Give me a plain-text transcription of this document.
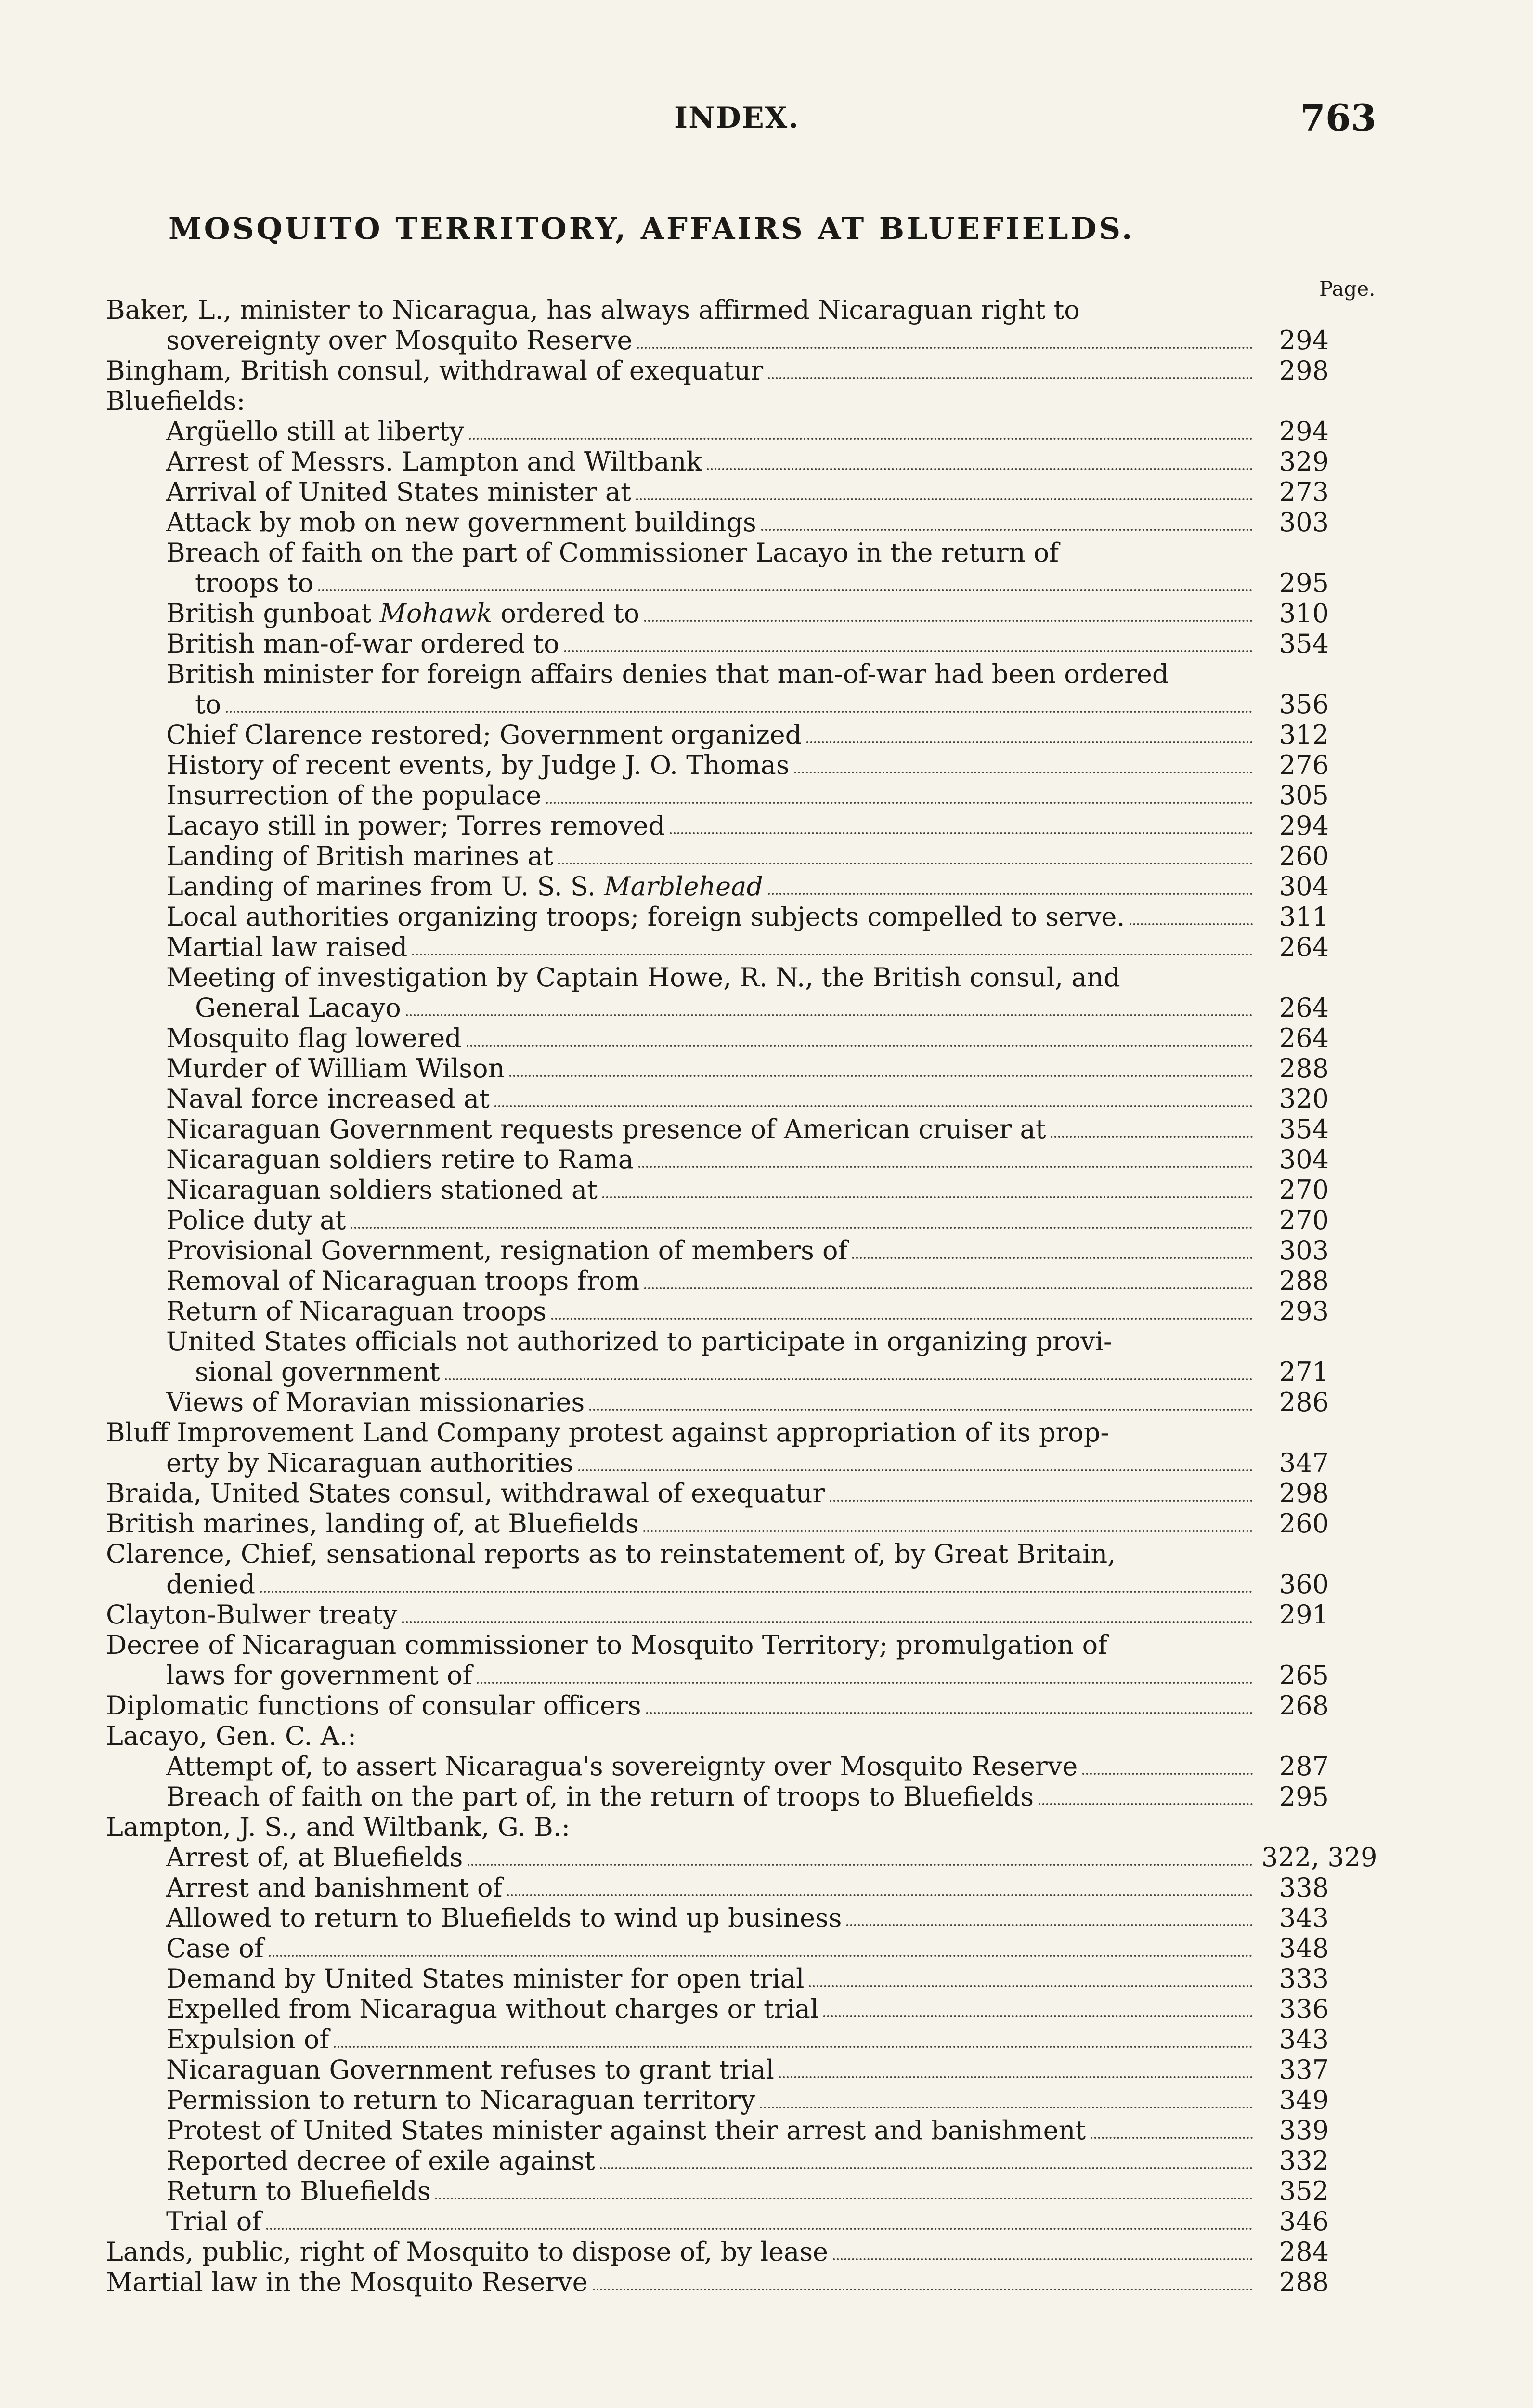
INDEX.	763
MOSQUITO TERRITORY, AFFAIRS AT BLUEFIELDS.
Page.
Baker, L., minister to Nicaragua, has always affirmed Nicaraguan right to
sovereignty over Mosquito Reserve	294
Bingham, British consul, withdrawal of exequatur	298
Bluefields:
Argüello still at liberty	294
Arrest of Messrs. Lampton and Wiltbank	329
Arrival of United States minister at	273
Attack by mob on new government buildings	303
Breach of faith on the part of Commissioner Lacayo in the return of
troops to	295
British gunboat Mohawk ordered to	310
British man-of-war ordered to	354
British minister for foreign affairs denies that man-of-war had been ordered
to	356
Chief Clarence restored; Government organized	312
History of recent events, by Judge J. O. Thomas	276
Insurrection of the populace	305
Lacayo still in power; Torres removed	294
Landing of British marines at	260
Landing of marines from U. S. S. Marblehead	304
Local authorities organizing troops; foreign subjects compelled to serve.	311
Martial law raised	264
Meeting of investigation by Captain Howe, R. N., the British consul, and
General Lacayo	264
Mosquito flag lowered	264
Murder of William Wilson	288
Naval force increased at	320
Nicaraguan Government requests presence of American cruiser at	354
Nicaraguan soldiers retire to Rama	304
Nicaraguan soldiers stationed at	270
Police duty at	270
Provisional Government, resignation of members of	303
Removal of Nicaraguan troops from	288
Return of Nicaraguan troops	293
United States officials not authorized to participate in organizing provi-
sional government	271
Views of Moravian missionaries	286
Bluff Improvement Land Company protest against appropriation of its prop-
erty by Nicaraguan authorities	347
Braida, United States consul, withdrawal of exequatur	298
British marines, landing of, at Bluefields	260
Clarence, Chief, sensational reports as to reinstatement of, by Great Britain,
denied	360
Clayton-Bulwer treaty	291
Decree of Nicaraguan commissioner to Mosquito Territory; promulgation of
laws for government of	265
Diplomatic functions of consular officers	268
Lacayo, Gen. C. A.:
Attempt of, to assert Nicaragua's sovereignty over Mosquito Reserve	287
Breach of faith on the part of, in the return of troops to Bluefields	295
Lampton, J. S., and Wiltbank, G. B.:
Arrest of, at Bluefields	322, 329
Arrest and banishment of	338
Allowed to return to Bluefields to wind up business	343
Case of	348
Demand by United States minister for open trial	333
Expelled from Nicaragua without charges or trial	336
Expulsion of	343
Nicaraguan Government refuses to grant trial	337
Permission to return to Nicaraguan territory	349
Protest of United States minister against their arrest and banishment	339
Reported decree of exile against	332
Return to Bluefields	352
Trial of	346
Lands, public, right of Mosquito to dispose of, by lease	284
Martial law in the Mosquito Reserve	288
